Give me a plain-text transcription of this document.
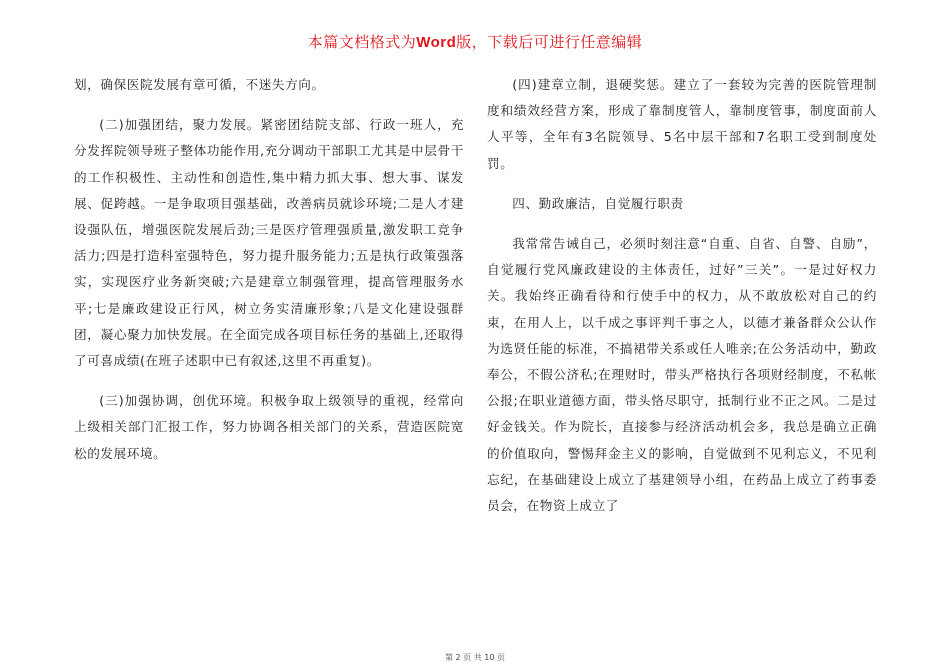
本篇文档格式为Word版，下载后可进行任意编辑

划，确保医院发展有章可循，不迷失方向。

(二)加强团结，聚力发展。紧密团结院支部、行政一班人，充分发挥院领导班子整体功能作用,充分调动干部职工尤其是中层骨干的工作积极性、主动性和创造性,集中精力抓大事、想大事、谋发展、促跨越。一是争取项目强基础，改善病员就诊环境;二是人才建设强队伍，增强医院发展后劲;三是医疗管理强质量,激发职工竞争活力;四是打造科室强特色，努力提升服务能力;五是执行政策强落实，实现医疗业务新突破;六是建章立制强管理，提高管理服务水平;七是廉政建设正行风，树立务实清廉形象;八是文化建设强群团，凝心聚力加快发展。在全面完成各项目标任务的基础上,还取得了可喜成绩(在班子述职中已有叙述,这里不再重复)。

(三)加强协调，创优环境。积极争取上级领导的重视，经常向上级相关部门汇报工作，努力协调各相关部门的关系，营造医院宽松的发展环境。

(四)建章立制，退硬奖惩。建立了一套较为完善的医院管理制度和绩效经营方案，形成了靠制度管人，靠制度管事，制度面前人人平等，全年有3名院领导、5名中层干部和7名职工受到制度处罚。

四、勤政廉洁，自觉履行职责

我常常告诫自己，必须时刻注意“自重、自省、自警、自励”，自觉履行党风廉政建设的主体责任，过好”三关”。一是过好权力关。我始终正确看待和行使手中的权力，从不敢放松对自己的约束，在用人上，以千成之事评判千事之人，以德才兼备群众公认作为选贤任能的标准，不搞裙带关系或任人唯亲;在公务活动中，勤政奉公，不假公济私;在理财时，带头严格执行各项财经制度，不私帐公报;在职业道德方面，带头恪尽职守，抵制行业不正之风。二是过好金钱关。作为院长，直接参与经济活动机会多，我总是确立正确的价值取向，警惕拜金主义的影响，自觉做到不见利忘义，不见利忘纪，在基础建设上成立了基建领导小组，在药品上成立了药事委员会，在物资上成立了

第 2 页 共 10 页
